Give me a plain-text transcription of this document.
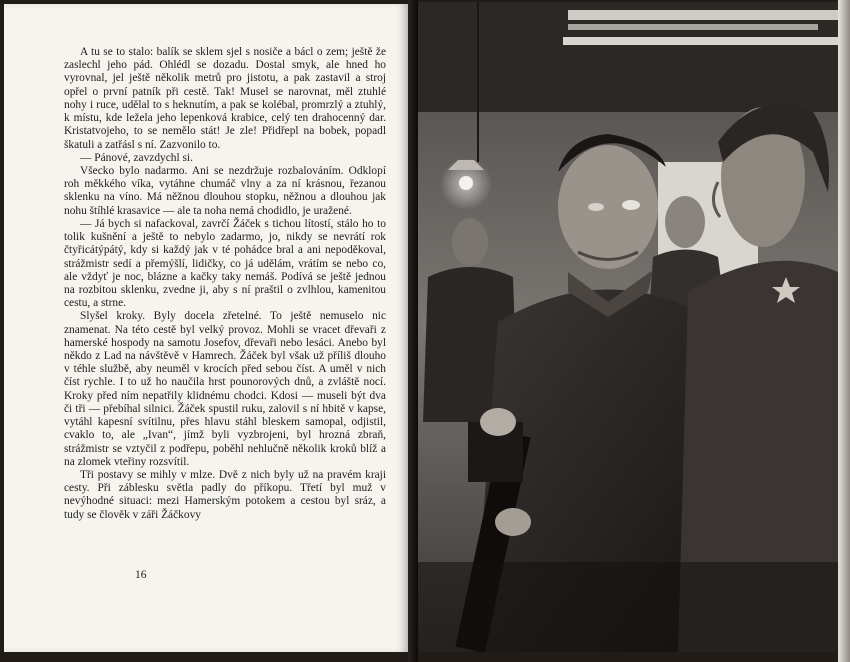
A tu se to stalo: balík se sklem sjel s nosiče a bácl o zem; ještě že zaslechl jeho pád. Ohlédl se dozadu. Dostal smyk, ale hned ho vyrovnal, jel ještě několik metrů pro jistotu, a pak zastavil a stroj opřel o první patník při cestě. Tak! Musel se narovnat, měl ztuhlé nohy i ruce, udělal to s heknutím, a pak se kolébal, promrzlý a ztuhlý, k místu, kde ležela jeho lepenková krabice, celý ten drahocenný dar. Kristatvojeho, to se nemělo stát! Je zle! Přidřepl na bobek, popadl škatuli a zatřásl s ní. Zazvonilo to.

— Pánové, zavzdychl si.

Všecko bylo nadarmo. Ani se nezdržuje rozbalováním. Odklopí roh měkkého víka, vytáhne chumáč vlny a za ní krásnou, řezanou sklenku na víno. Má něžnou dlouhou stopku, něžnou a dlouhou jak nohu štíhlé krasavice — ale ta noha nemá chodidlo, je uražené.

— Já bych si nafackoval, zavrčí Žáček s tichou lítostí, stálo ho to tolik kušnění a ještě to nebylo zadarmo, jo, nikdy se nevrátí rok čtyřicátýpátý, kdy si každý jak v té pohádce bral a ani nepoděkoval, strážmistr sedí a přemýšlí, lidičky, co já udělám, vrátím se nebo co, ale vždyť je noc, blázne a kačky taky nemáš. Podívá se ještě jednou na rozbitou sklenku, zvedne ji, aby s ní praštil o zvlhlou, kamenitou cestu, a strne.

Slyšel kroky. Byly docela zřetelné. To ještě nemuselo nic znamenat. Na této cestě byl velký provoz. Mohli se vracet dřevaři z hamerské hospody na samotu Josefov, dřevaři nebo lesáci. Anebo byl někdo z Lad na návštěvě v Hamrech. Žáček byl však už příliš dlouho v téhle službě, aby neuměl v krocích před sebou číst. A uměl v nich číst rychle. I to už ho naučila hrst pounorových dnů, a zvláště nocí. Kroky před ním nepatřily klidnému chodci. Kdosi — museli být dva či tři — přebíhal silnici. Žáček spustil ruku, zalovil s ní hbitě v kapse, vytáhl kapesní svítilnu, přes hlavu stáhl bleskem samopal, odjistil, cvaklo to, ale „Ivan“, jímž byli vyzbrojeni, byl hrozná zbraň, strážmistr se vztyčil z podřepu, poběhl nehlučně několik kroků blíž a na zlomek vteřiny rozsvítil.

Tři postavy se mihly v mlze. Dvě z nich byly už na pravém kraji cesty. Při záblesku světla padly do příkopu. Třetí byl muž v nevýhodné situaci: mezi Hamerským potokem a cestou byl sráz, a tudy se člověk v záři Žáčkovy

16
